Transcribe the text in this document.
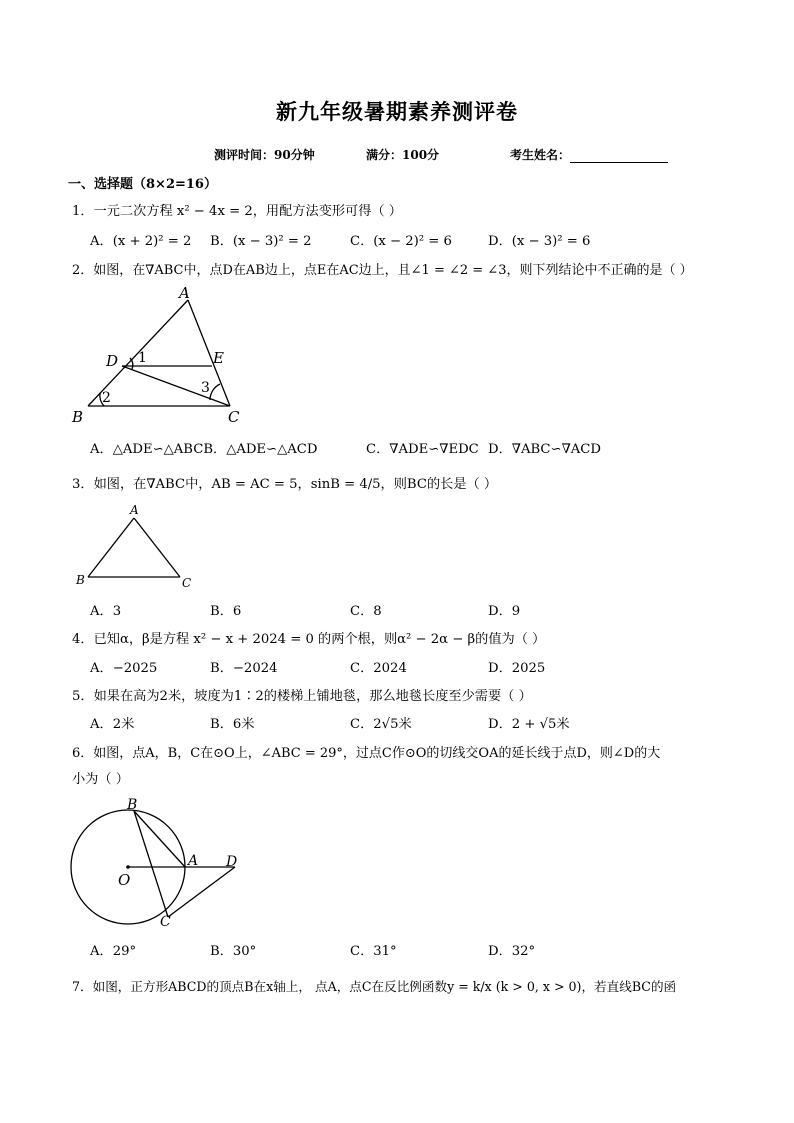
新九年级暑期素养测评卷
测评时间：90分钟	满分：100分	考生姓名：
一、选择题（8×2=16）
1．一元二次方程 x² − 4x = 2，用配方法变形可得（ ）
A．(x + 2)² = 2 B．(x − 3)² = 2	C．(x − 2)² = 6	D．(x − 3)² = 6
2．如图，在∇ABC中，点D在AB边上，点E在AC边上，且∠1 = ∠2 = ∠3，则下列结论中不正确的是（ ）
A
D	E
B	C
1
2
3
A．△ADE∽△ABCB．△ADE∽△ACD	C．∇ADE∽∇EDC D．∇ABC∽∇ACD
3．如图，在∇ABC中，AB = AC = 5，sinB = 4/5，则BC的长是（ ）
A
B	C
A．3	B．6	C．8	D．9
4．已知α，β是方程 x² − x + 2024 = 0 的两个根，则α² − 2α − β的值为（ ）
A．−2025	B．−2024	C．2024	D．2025
5．如果在高为2米，坡度为1∶2的楼梯上铺地毯，那么地毯长度至少需要（ ）
A．2米	B．6米	C．2√5米	D．2 + √5米
6．如图，点A，B，C在⊙O上，∠ABC = 29°，过点C作⊙O的切线交OA的延长线于点D，则∠D的大
小为（ ）
B
A D
O
C
A．29°	B．30°	C．31°	D．32°
7．如图，正方形ABCD的顶点B在x轴上， 点A，点C在反比例函数y = k/x (k > 0, x > 0)，若直线BC的函
